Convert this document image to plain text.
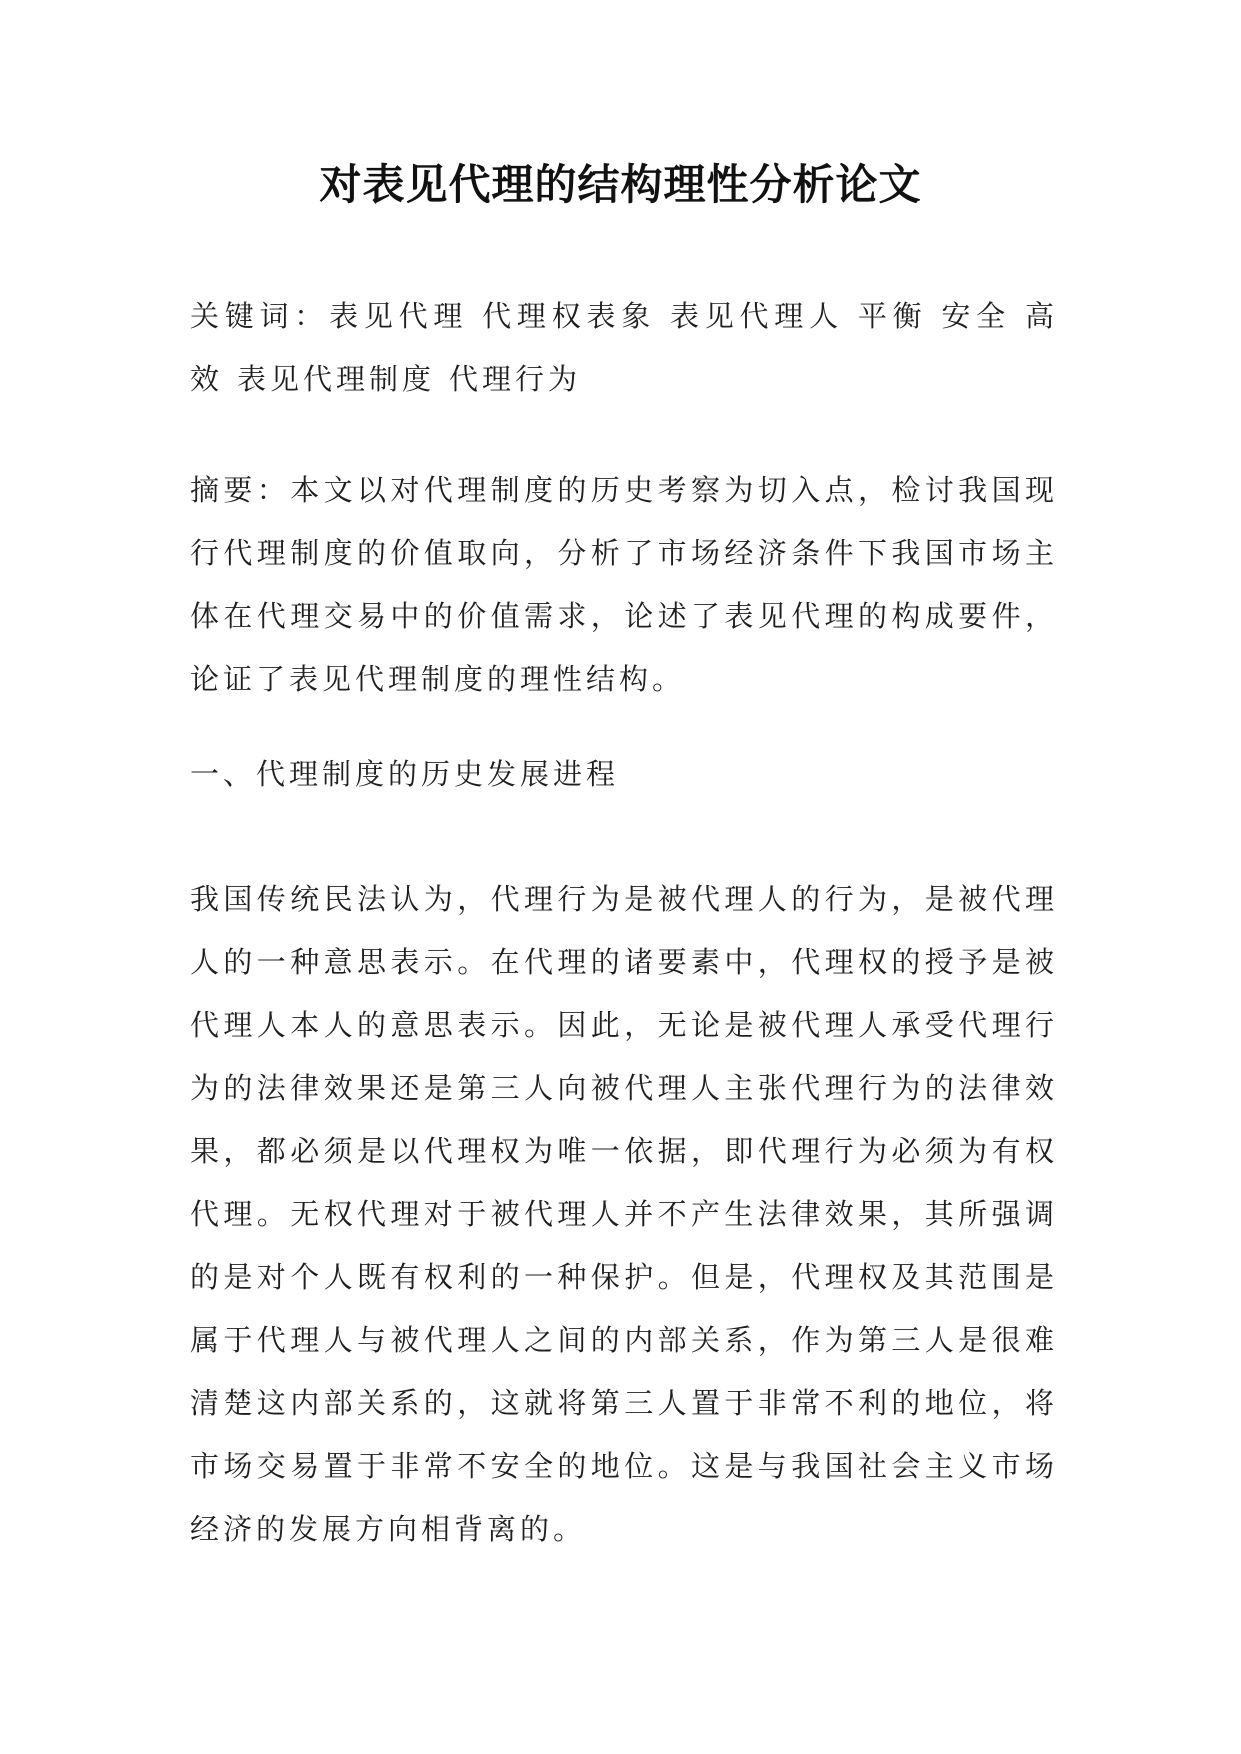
对表见代理的结构理性分析论文

关键词：表见代理 代理权表象 表见代理人 平衡 安全 高效 表见代理制度 代理行为

摘要：本文以对代理制度的历史考察为切入点，检讨我国现行代理制度的价值取向，分析了市场经济条件下我国市场主体在代理交易中的价值需求，论述了表见代理的构成要件，论证了表见代理制度的理性结构。

一、代理制度的历史发展进程

我国传统民法认为，代理行为是被代理人的行为，是被代理人的一种意思表示。在代理的诸要素中，代理权的授予是被代理人本人的意思表示。因此，无论是被代理人承受代理行为的法律效果还是第三人向被代理人主张代理行为的法律效果，都必须是以代理权为唯一依据，即代理行为必须为有权代理。无权代理对于被代理人并不产生法律效果，其所强调的是对个人既有权利的一种保护。但是，代理权及其范围是属于代理人与被代理人之间的内部关系，作为第三人是很难清楚这内部关系的，这就将第三人置于非常不利的地位，将市场交易置于非常不安全的地位。这是与我国社会主义市场经济的发展方向相背离的。
